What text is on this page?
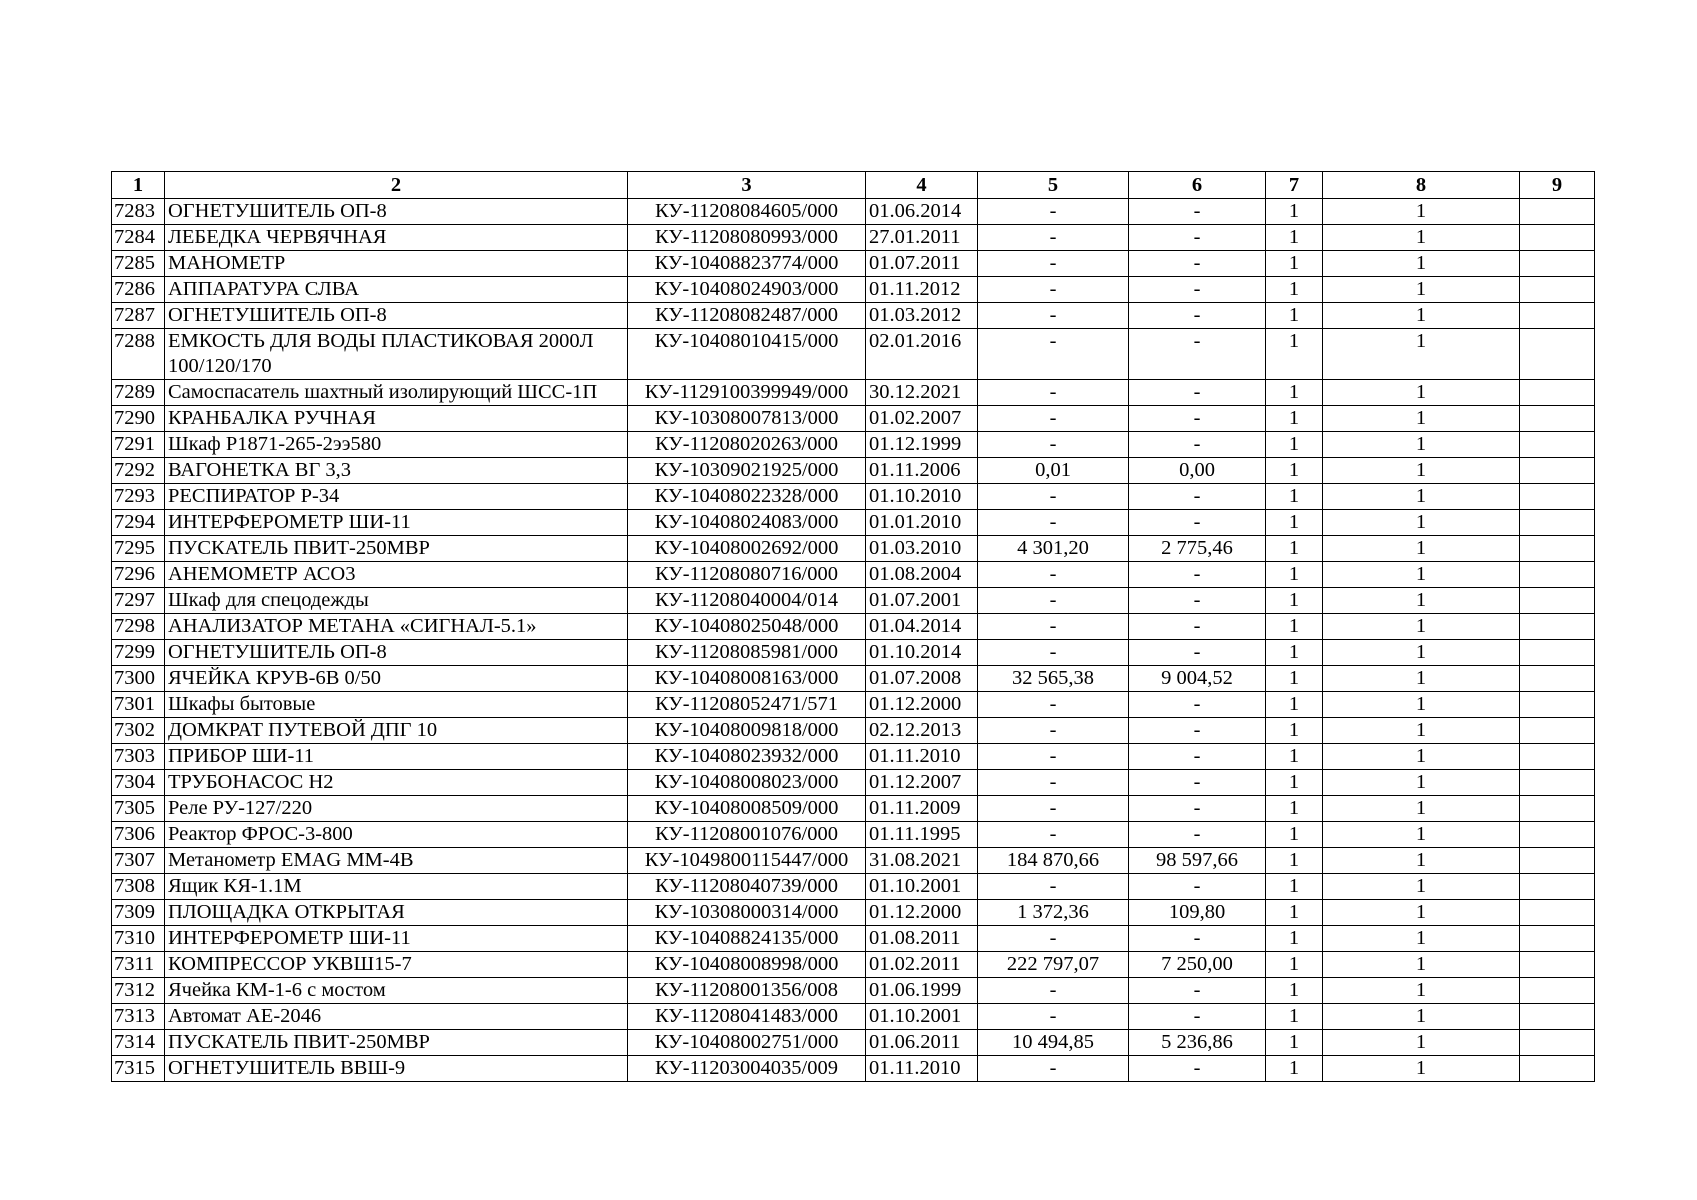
1	2	3	4	5	6	7	8	9
7283	ОГНЕТУШИТЕЛЬ ОП-8	КУ-11208084605/000	01.06.2014	-	-	1	1	
7284	ЛЕБЕДКА ЧЕРВЯЧНАЯ	КУ-11208080993/000	27.01.2011	-	-	1	1	
7285	МАНОМЕТР	КУ-10408823774/000	01.07.2011	-	-	1	1	
7286	АППАРАТУРА СЛВА	КУ-10408024903/000	01.11.2012	-	-	1	1	
7287	ОГНЕТУШИТЕЛЬ ОП-8	КУ-11208082487/000	01.03.2012	-	-	1	1	
7288	ЕМКОСТЬ ДЛЯ ВОДЫ ПЛАСТИКОВАЯ 2000Л 100/120/170	КУ-10408010415/000	02.01.2016	-	-	1	1	
7289	Самоспасатель шахтный изолирующий ШСС-1П	КУ-1129100399949/000	30.12.2021	-	-	1	1	
7290	КРАНБАЛКА РУЧНАЯ	КУ-10308007813/000	01.02.2007	-	-	1	1	
7291	Шкаф Р1871-265-2ээ580	КУ-11208020263/000	01.12.1999	-	-	1	1	
7292	ВАГОНЕТКА ВГ 3,3	КУ-10309021925/000	01.11.2006	0,01	0,00	1	1	
7293	РЕСПИРАТОР Р-34	КУ-10408022328/000	01.10.2010	-	-	1	1	
7294	ИНТЕРФЕРОМЕТР ШИ-11	КУ-10408024083/000	01.01.2010	-	-	1	1	
7295	ПУСКАТЕЛЬ ПВИТ-250МВР	КУ-10408002692/000	01.03.2010	4 301,20	2 775,46	1	1	
7296	АНЕМОМЕТР АСО3	КУ-11208080716/000	01.08.2004	-	-	1	1	
7297	Шкаф для спецодежды	КУ-11208040004/014	01.07.2001	-	-	1	1	
7298	АНАЛИЗАТОР МЕТАНА «СИГНАЛ-5.1»	КУ-10408025048/000	01.04.2014	-	-	1	1	
7299	ОГНЕТУШИТЕЛЬ ОП-8	КУ-11208085981/000	01.10.2014	-	-	1	1	
7300	ЯЧЕЙКА КРУВ-6В 0/50	КУ-10408008163/000	01.07.2008	32 565,38	9 004,52	1	1	
7301	Шкафы бытовые	КУ-11208052471/571	01.12.2000	-	-	1	1	
7302	ДОМКРАТ ПУТЕВОЙ ДПГ 10	КУ-10408009818/000	02.12.2013	-	-	1	1	
7303	ПРИБОР ШИ-11	КУ-10408023932/000	01.11.2010	-	-	1	1	
7304	ТРУБОНАСОС Н2	КУ-10408008023/000	01.12.2007	-	-	1	1	
7305	Реле РУ-127/220	КУ-10408008509/000	01.11.2009	-	-	1	1	
7306	Реактор ФРОС-3-800	КУ-11208001076/000	01.11.1995	-	-	1	1	
7307	Метанометр EMAG MM-4B	КУ-1049800115447/000	31.08.2021	184 870,66	98 597,66	1	1	
7308	Ящик КЯ-1.1М	КУ-11208040739/000	01.10.2001	-	-	1	1	
7309	ПЛОЩАДКА ОТКРЫТАЯ	КУ-10308000314/000	01.12.2000	1 372,36	109,80	1	1	
7310	ИНТЕРФЕРОМЕТР ШИ-11	КУ-10408824135/000	01.08.2011	-	-	1	1	
7311	КОМПРЕССОР УКВШ15-7	КУ-10408008998/000	01.02.2011	222 797,07	7 250,00	1	1	
7312	Ячейка КМ-1-6 с мостом	КУ-11208001356/008	01.06.1999	-	-	1	1	
7313	Автомат АЕ-2046	КУ-11208041483/000	01.10.2001	-	-	1	1	
7314	ПУСКАТЕЛЬ ПВИТ-250МВР	КУ-10408002751/000	01.06.2011	10 494,85	5 236,86	1	1	
7315	ОГНЕТУШИТЕЛЬ ВВШ-9	КУ-11203004035/009	01.11.2010	-	-	1	1	
